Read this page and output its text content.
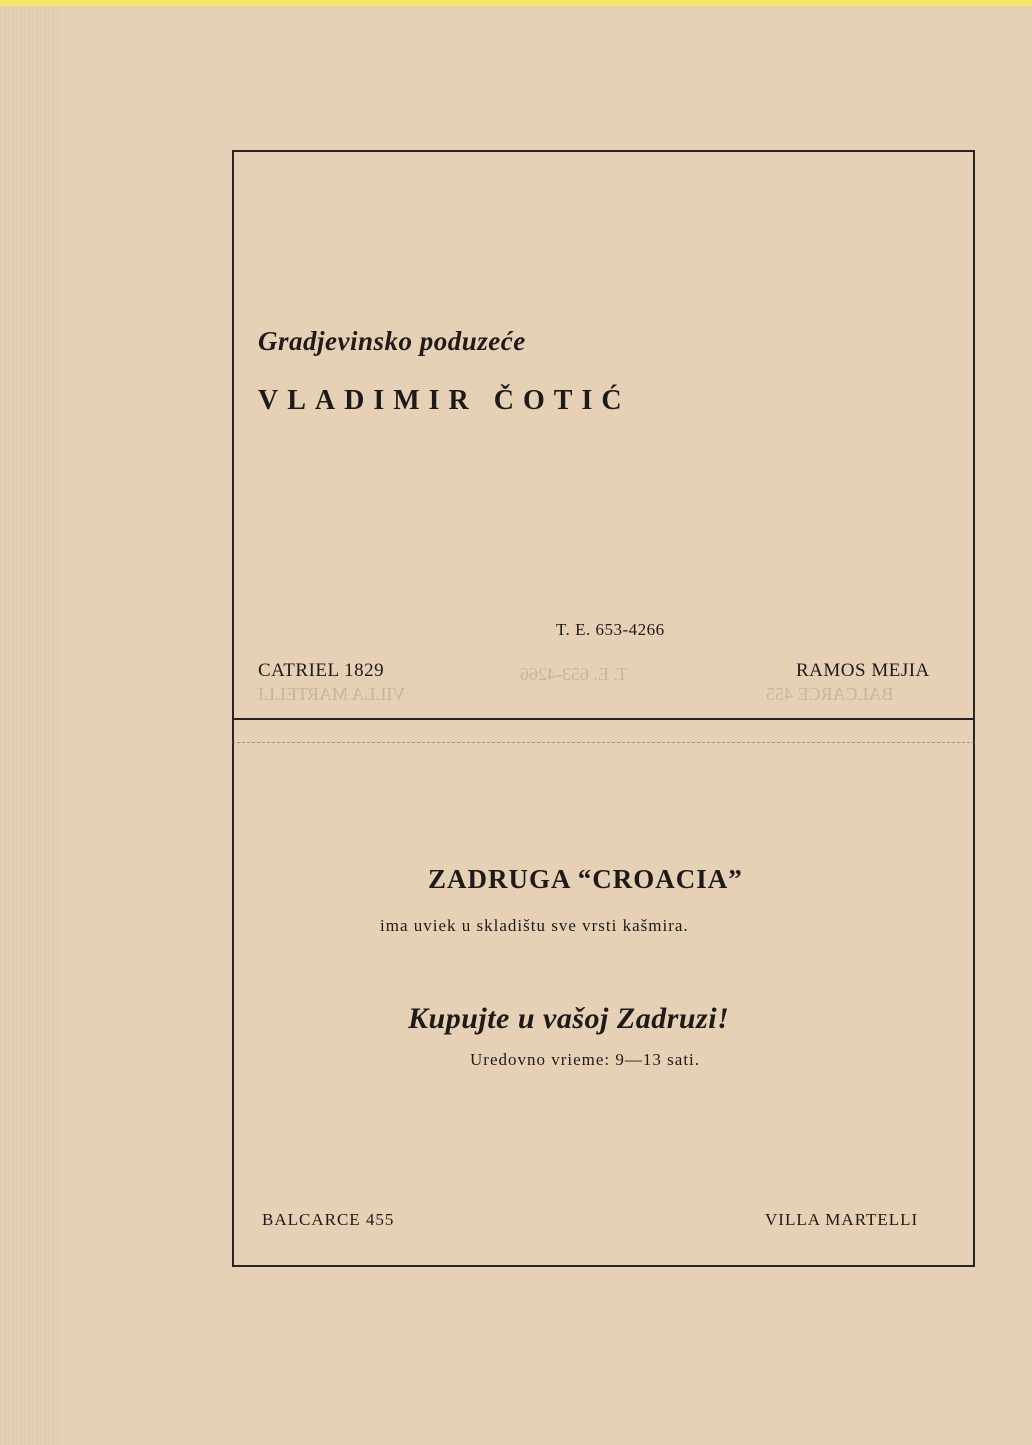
Gradjevinsko poduzeće
VLADIMIR ČOTIĆ
T. E. 653-4266
CATRIEL 1829	RAMOS MEJIA
T. E. 653-4266
VILLA MARTELLI	BALCARCE 455
ZADRUGA “CROACIA”
ima uviek u skladištu sve vrsti kašmira.
Kupujte u vašoj Zadruzi!
Uredovno vrieme: 9—13 sati.
BALCARCE 455	VILLA MARTELLI
